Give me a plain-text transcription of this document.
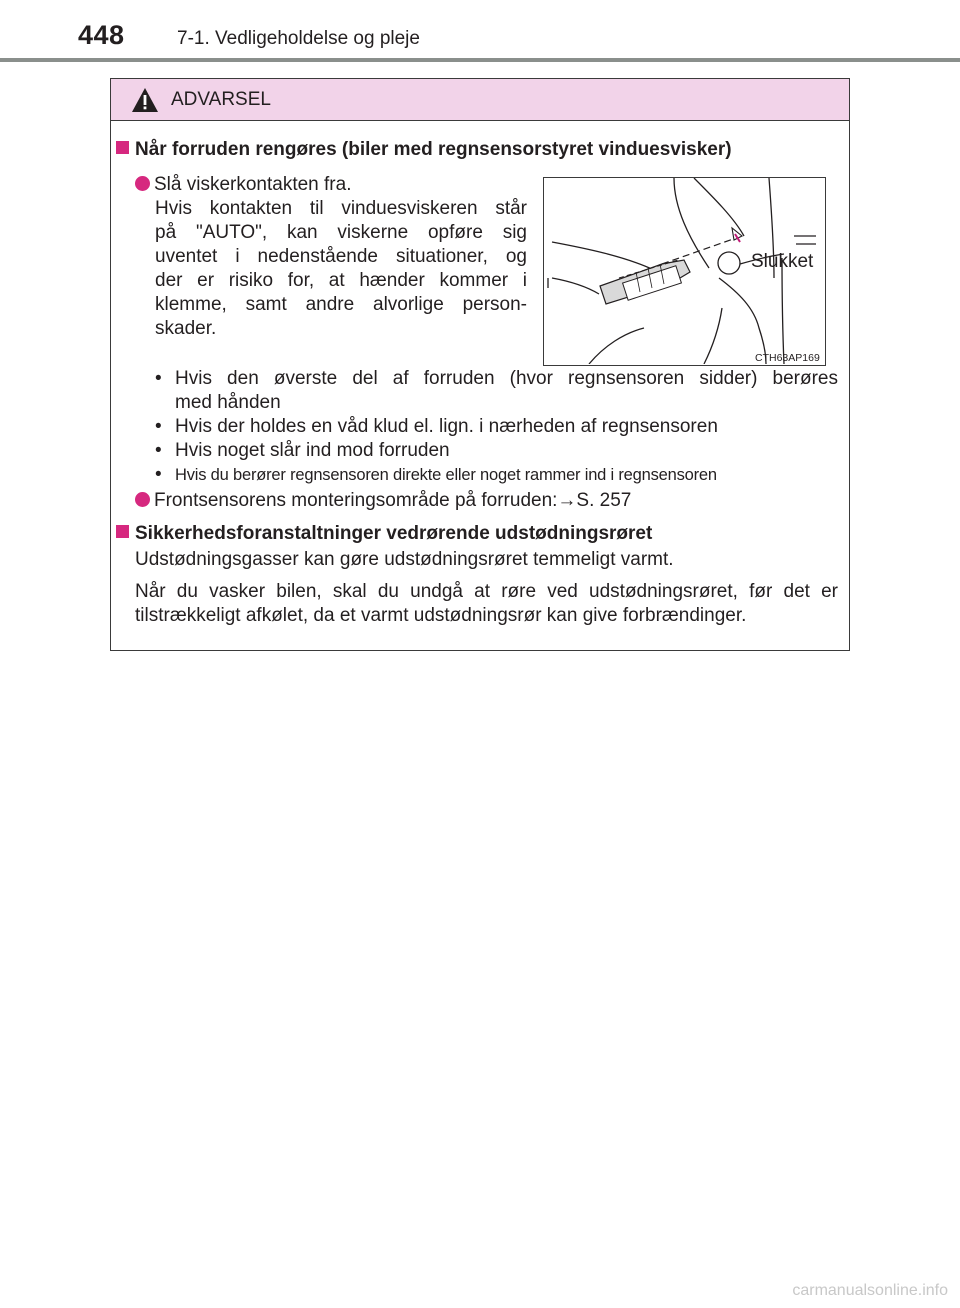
448	7-1. Vedligeholdelse og pleje
ADVARSEL
Når forruden rengøres (biler med regnsensorstyret vinduesvisker)
Slå viskerkontakten fra.
Hvis kontakten til vinduesviskeren står
på "AUTO", kan viskerne opføre sig
uventet i nedenstående situationer, og
der er risiko for, at hænder kommer i
klemme, samt andre alvorlige person-
skader.
Slukket
CTH63AP169
• Hvis den øverste del af forruden (hvor regnsensoren sidder) berøres
med hånden
• Hvis der holdes en våd klud el. lign. i nærheden af regnsensoren
• Hvis noget slår ind mod forruden
• Hvis du berører regnsensoren direkte eller noget rammer ind i regnsensoren
Frontsensorens monteringsområde på forruden:→S. 257
Sikkerhedsforanstaltninger vedrørende udstødningsrøret
Udstødningsgasser kan gøre udstødningsrøret temmeligt varmt.
Når du vasker bilen, skal du undgå at røre ved udstødningsrøret, før det er
tilstrækkeligt afkølet, da et varmt udstødningsrør kan give forbrændinger.
carmanualsonline.info
